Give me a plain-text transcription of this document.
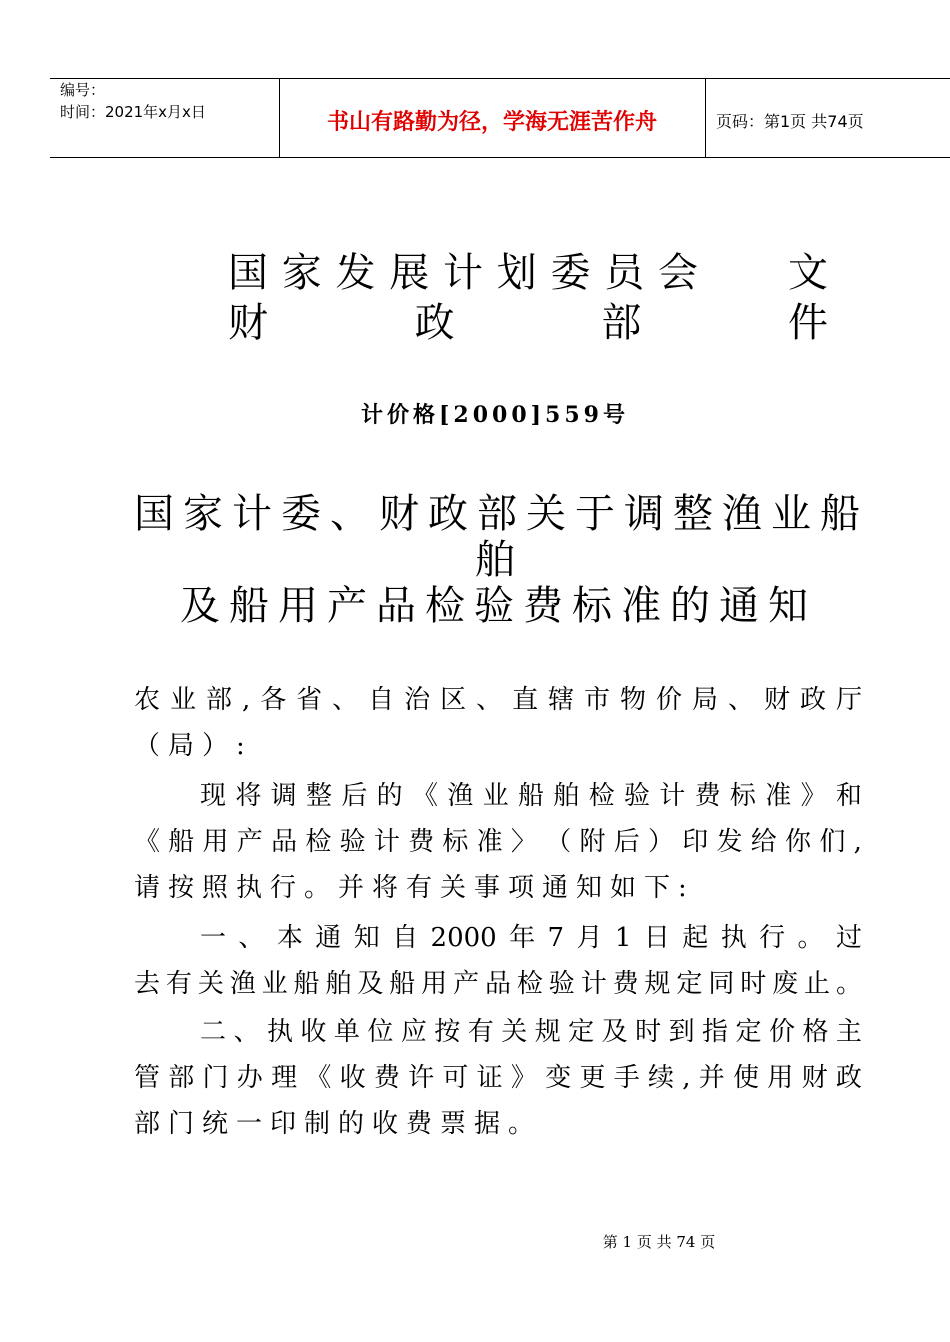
编号：
时间：2021年x月x日	书山有路勤为径，学海无涯苦作舟	页码：第1页 共74页
国 家 发 展 计 划 委 员 会 文
财	政	部	件
计价格[2000]559号
国家计委、财政部关于调整渔业船
舶
及船用产品检验费标准的通知
农 业 部 , 各 省 、 自 治 区 、 直 辖 市 物 价 局 、 财 政 厅
（局）:
现 将 调 整 后 的 《 渔 业 船 舶 检 验 计 费 标 准 》 和
《 船 用 产 品 检 验 计 费 标 准 〉 （ 附 后 ） 印 发 给 你 们 ,
请按照执行。并将有关事项通知如下:
一 、 本 通 知 自 2000 年 7 月 1 日 起 执 行 。 过
去 有 关 渔 业 船 舶 及 船 用 产 品 检 验 计 费 规 定 同 时 废 止 。
二 、 执 收 单 位 应 按 有 关 规 定 及 时 到 指 定 价 格 主
管 部 门 办 理 《 收 费 许 可 证 》 变 更 手 续 , 并 使 用 财 政
部门统一印制的收费票据。
第 1 页 共 74 页
